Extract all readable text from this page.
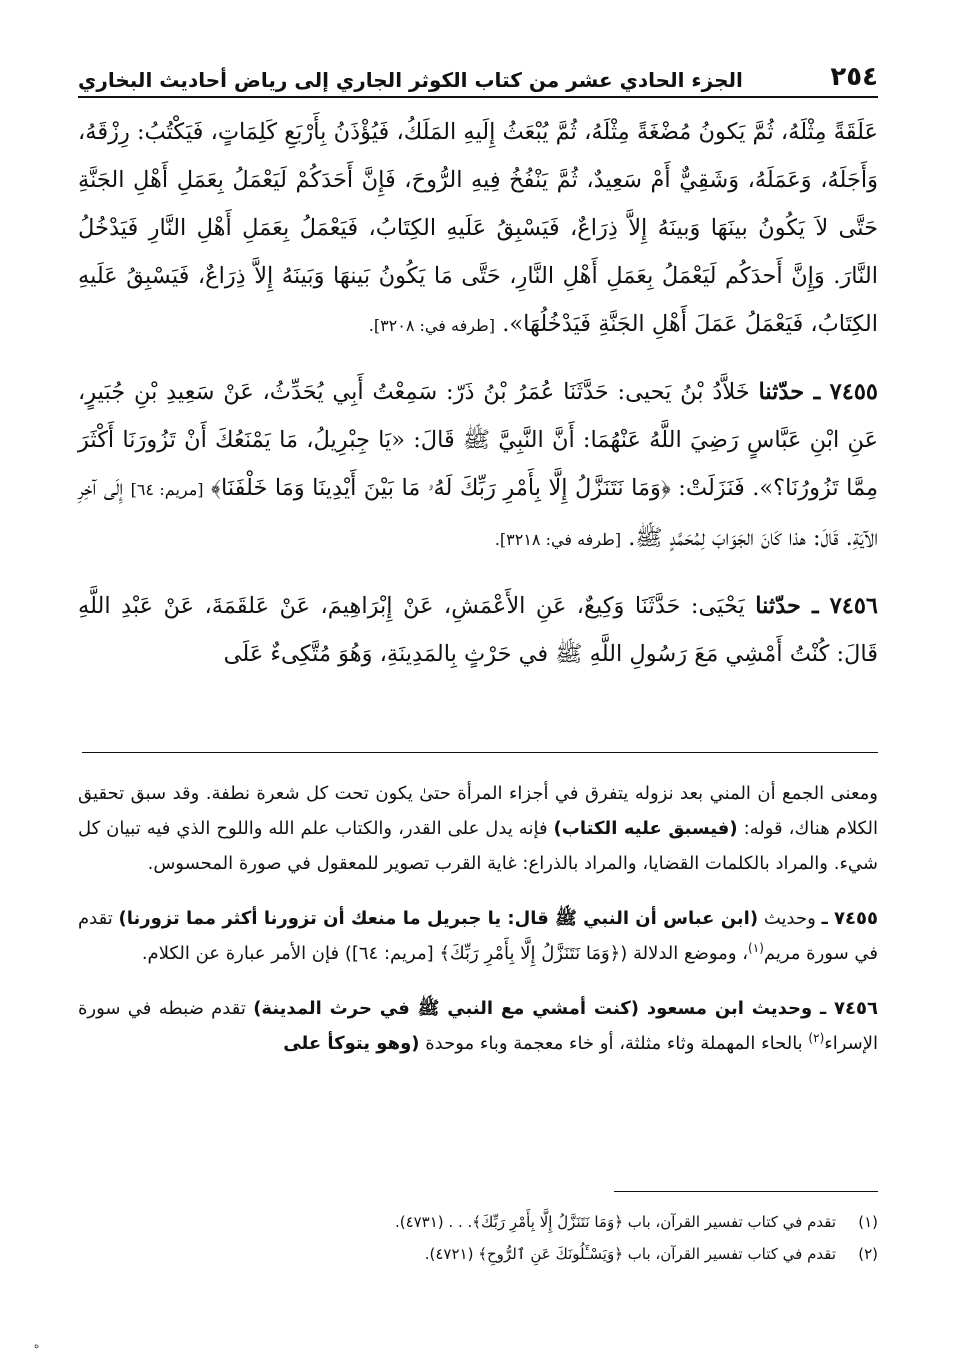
٢٥٤
الجزء الحادي عشر من كتاب الكوثر الجاري إلى رياض أحاديث البخاري

عَلَقَةً مِثْلَهُ، ثُمَّ يَكونُ مُضْغَةً مِثْلَهُ، ثُمَّ يُبْعَثُ إِلَيهِ المَلَكُ، فَيُؤْذَنُ بِأَرْبَعِ كَلِمَاتٍ، فَيَكْتُبُ: رِزْقَهُ، وَأَجَلَهُ، وَعَمَلَهُ، وَشَقِيٌّ أَمْ سَعِيدٌ، ثُمَّ يَنْفُخُ فِيهِ الرُّوحَ، فَإِنَّ أَحَدَكُمْ لَيَعْمَلُ بِعَمَلِ أَهْلِ الجَنَّةِ حَتَّى لاَ يَكُونُ بينَهَا وَبينَهُ إِلاَّ ذِرَاعٌ، فَيَسْبِقُ عَلَيهِ الكِتَابُ، فَيَعْمَلُ بِعَمَلِ أَهْلِ النَّارِ فَيَدْخُلُ النَّارَ. وَإِنَّ أَحدَكُم لَيَعْمَلُ بِعَمَلِ أَهْلِ النَّارِ، حَتَّى مَا يَكُونُ بَينهَا وَبَينَهُ إِلاَّ ذِرَاعٌ، فَيَسْبِقُ عَلَيهِ الكِتَابُ، فَيَعْمَلُ عَمَلَ أَهْلِ الجَنَّةِ فَيَدْخُلُهَا». [طرفه في: ٣٢٠٨].

٧٤٥٥ ـ حدّثنا خَلاَّدُ بْنُ يَحيى: حَدَّثَنَا عُمَرُ بْنُ ذَرّ: سَمِعْتُ أَبِي يُحَدِّثُ، عَنْ سَعِيدِ بْنِ جُبَيرٍ، عَنِ ابْنِ عَبَّاسٍ رَضِيَ اللَّهُ عَنْهُمَا: أَنَّ النَّبِيَّ ﷺ قَالَ: «يَا جِبْرِيلُ، مَا يَمْنَعُكَ أَنْ تَزُورَنَا أَكْثَرَ مِمَّا تَزُورُنَا؟». فَنَزَلَتْ: ﴿وَمَا نَتَنَزَّلُ إِلَّا بِأَمْرِ رَبِّكَ لَهُۥ مَا بَيْنَ أَيْدِينَا وَمَا خَلْفَنَا﴾ [مريم: ٦٤] إِلَى آخِرِ الآيَةِ. قَالَ: هذا كَانَ الجَوَابَ لِمُحَمَّدٍ ﷺ. [طرفه في: ٣٢١٨].

٧٤٥٦ ـ حدّثنا يَحْيَى: حَدَّثَنَا وَكِيعٌ، عَنِ الأَعْمَشِ، عَنْ إِبْرَاهِيمَ، عَنْ عَلقَمَةَ، عَنْ عَبْدِ اللَّهِ قَالَ: كُنْتُ أَمْشِي مَعَ رَسُولِ اللَّهِ ﷺ في حَرْثٍ بِالمَدِينَةِ، وَهُوَ مُتَّكِىءٌ عَلَى

ومعنى الجمع أن المني بعد نزوله يتفرق في أجزاء المرأة حتىٰ يكون تحت كل شعرة نطفة. وقد سبق تحقيق الكلام هناك، قوله: (فيسبق عليه الكتاب) فإنه يدل على القدر، والكتاب علم الله واللوح الذي فيه تبيان كل شيء. والمراد بالكلمات القضايا، والمراد بالذراع: غاية القرب تصوير للمعقول في صورة المحسوس.

٧٤٥٥ ـ وحديث (ابن عباس أن النبي ﷺ قال: يا جبريل ما منعك أن تزورنا أكثر مما تزورنا) تقدم في سورة مريم$^{(١)}$، وموضع الدلالة (﴿وَمَا نَتَنَزَّلُ إِلَّا بِأَمْرِ رَبِّكَ﴾ [مريم: ٦٤]) فإن الأمر عبارة عن الكلام.

٧٤٥٦ ـ وحديث ابن مسعود (كنت أمشي مع النبي ﷺ في حرث المدينة) تقدم ضبطه في سورة الإسراء$^{(٢)}$ بالحاء المهملة وثاء مثلثة، أو خاء معجمة وباء موحدة (وهو يتوكأ على

(١)
تقدم في كتاب تفسير القرآن، باب ﴿وَمَا نَتَنَزَّلُ إِلَّا بِأَمْرِ رَبِّكَ﴾. . . (٤٧٣١).
(٢)
تقدم في كتاب تفسير القرآن، باب ﴿وَيَسْـَٔلُونَكَ عَنِ ٱلرُّوحِ﴾ (٤٧٢١).
ه
